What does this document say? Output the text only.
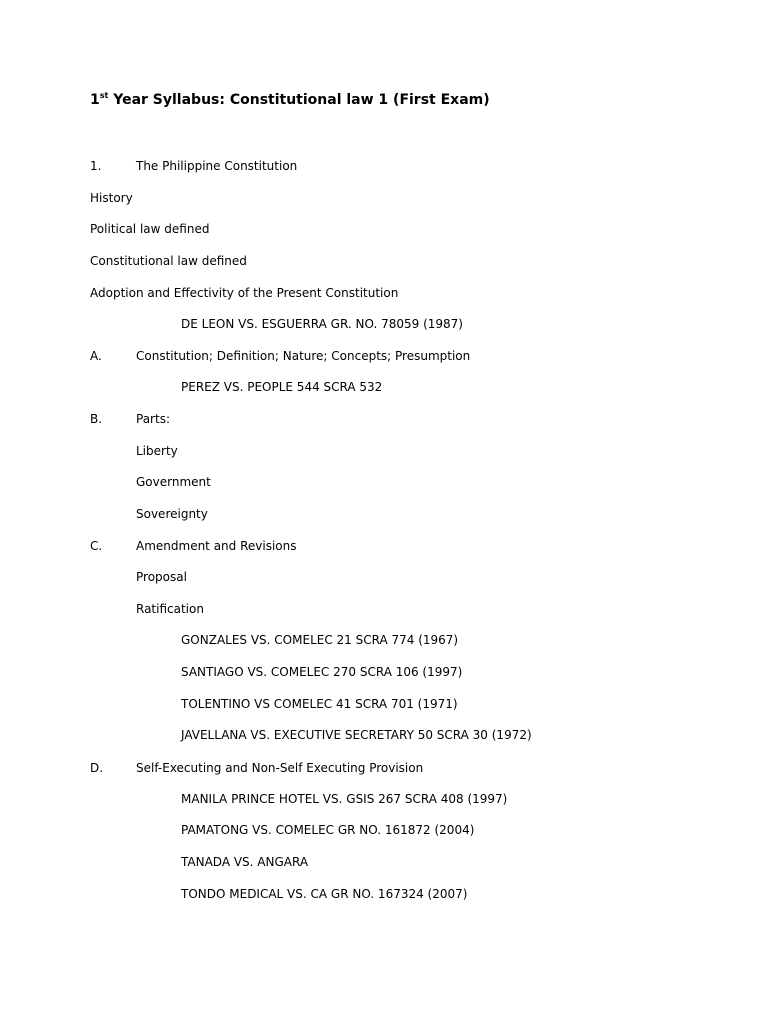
1st Year Syllabus: Constitutional law 1 (First Exam)
1.	The Philippine Constitution
History
Political law defined
Constitutional law defined
Adoption and Effectivity of the Present Constitution
DE LEON VS. ESGUERRA GR. NO. 78059 (1987)
A.	Constitution; Definition; Nature; Concepts; Presumption
PEREZ VS. PEOPLE 544 SCRA 532
B.	Parts:
Liberty
Government
Sovereignty
C.	Amendment and Revisions
Proposal
Ratification
GONZALES VS. COMELEC 21 SCRA 774 (1967)
SANTIAGO VS. COMELEC 270 SCRA 106 (1997)
TOLENTINO VS COMELEC 41 SCRA 701 (1971)
JAVELLANA VS. EXECUTIVE SECRETARY 50 SCRA 30 (1972)
D.	Self-Executing and Non-Self Executing Provision
MANILA PRINCE HOTEL VS. GSIS 267 SCRA 408 (1997)
PAMATONG VS. COMELEC GR NO. 161872 (2004)
TANADA VS. ANGARA
TONDO MEDICAL VS. CA GR NO. 167324 (2007)
